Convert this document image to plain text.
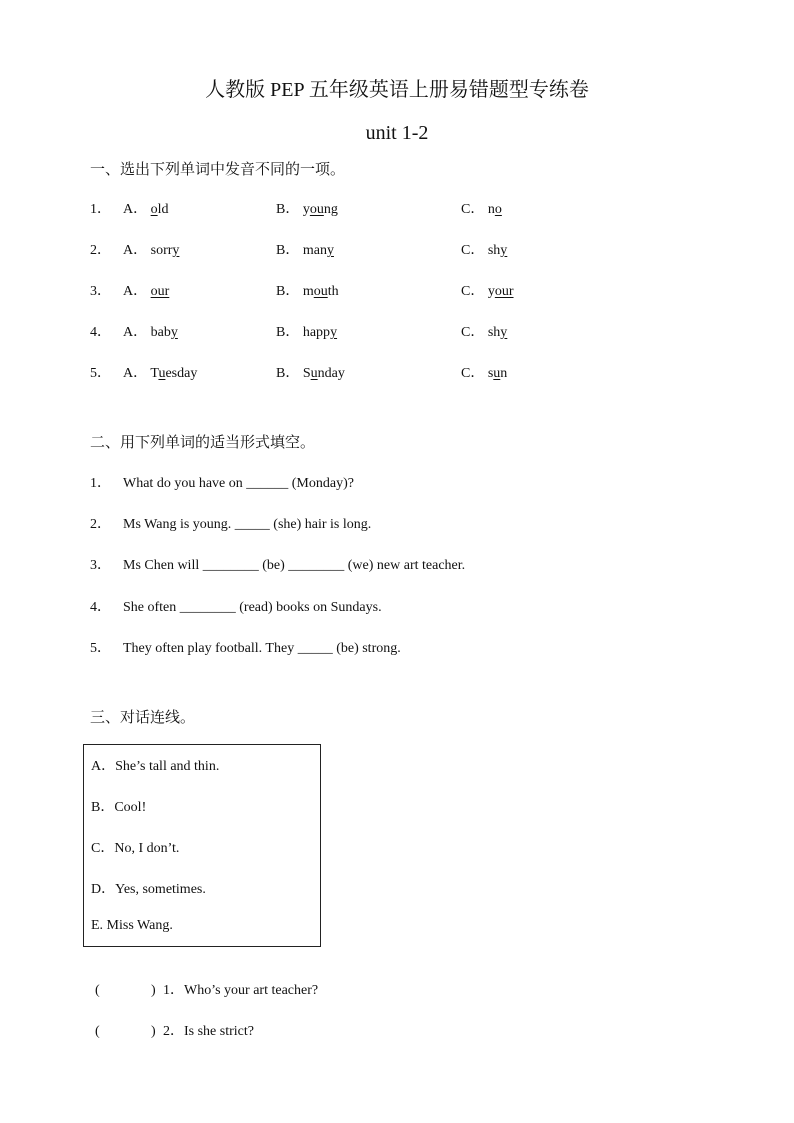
人教版 PEP 五年级英语上册易错题型专练卷
unit 1-2
一、选出下列单词中发音不同的一项。
1． A． old	B． young	C． no
2． A． sorry	B． many	C． shy
3． A． our	B． mouth	C． your
4． A． baby	B． happy	C． shy
5． A． Tuesday	B． Sunday	C． sun
二、用下列单词的适当形式填空。
1． What do you have on ______ (Monday)?
2． Ms Wang is young. _____ (she) hair is long.
3． Ms Chen will ________ (be) ________ (we) new art teacher.
4． She often ________ (read) books on Sundays.
5． They often play football. They _____ (be) strong.
三、对话连线。
A．She’s tall and thin.
B．Cool!
C．No, I don’t.
D．Yes, sometimes.
E. Miss Wang.
(	) 1．Who’s your art teacher?
(	) 2．Is she strict?
